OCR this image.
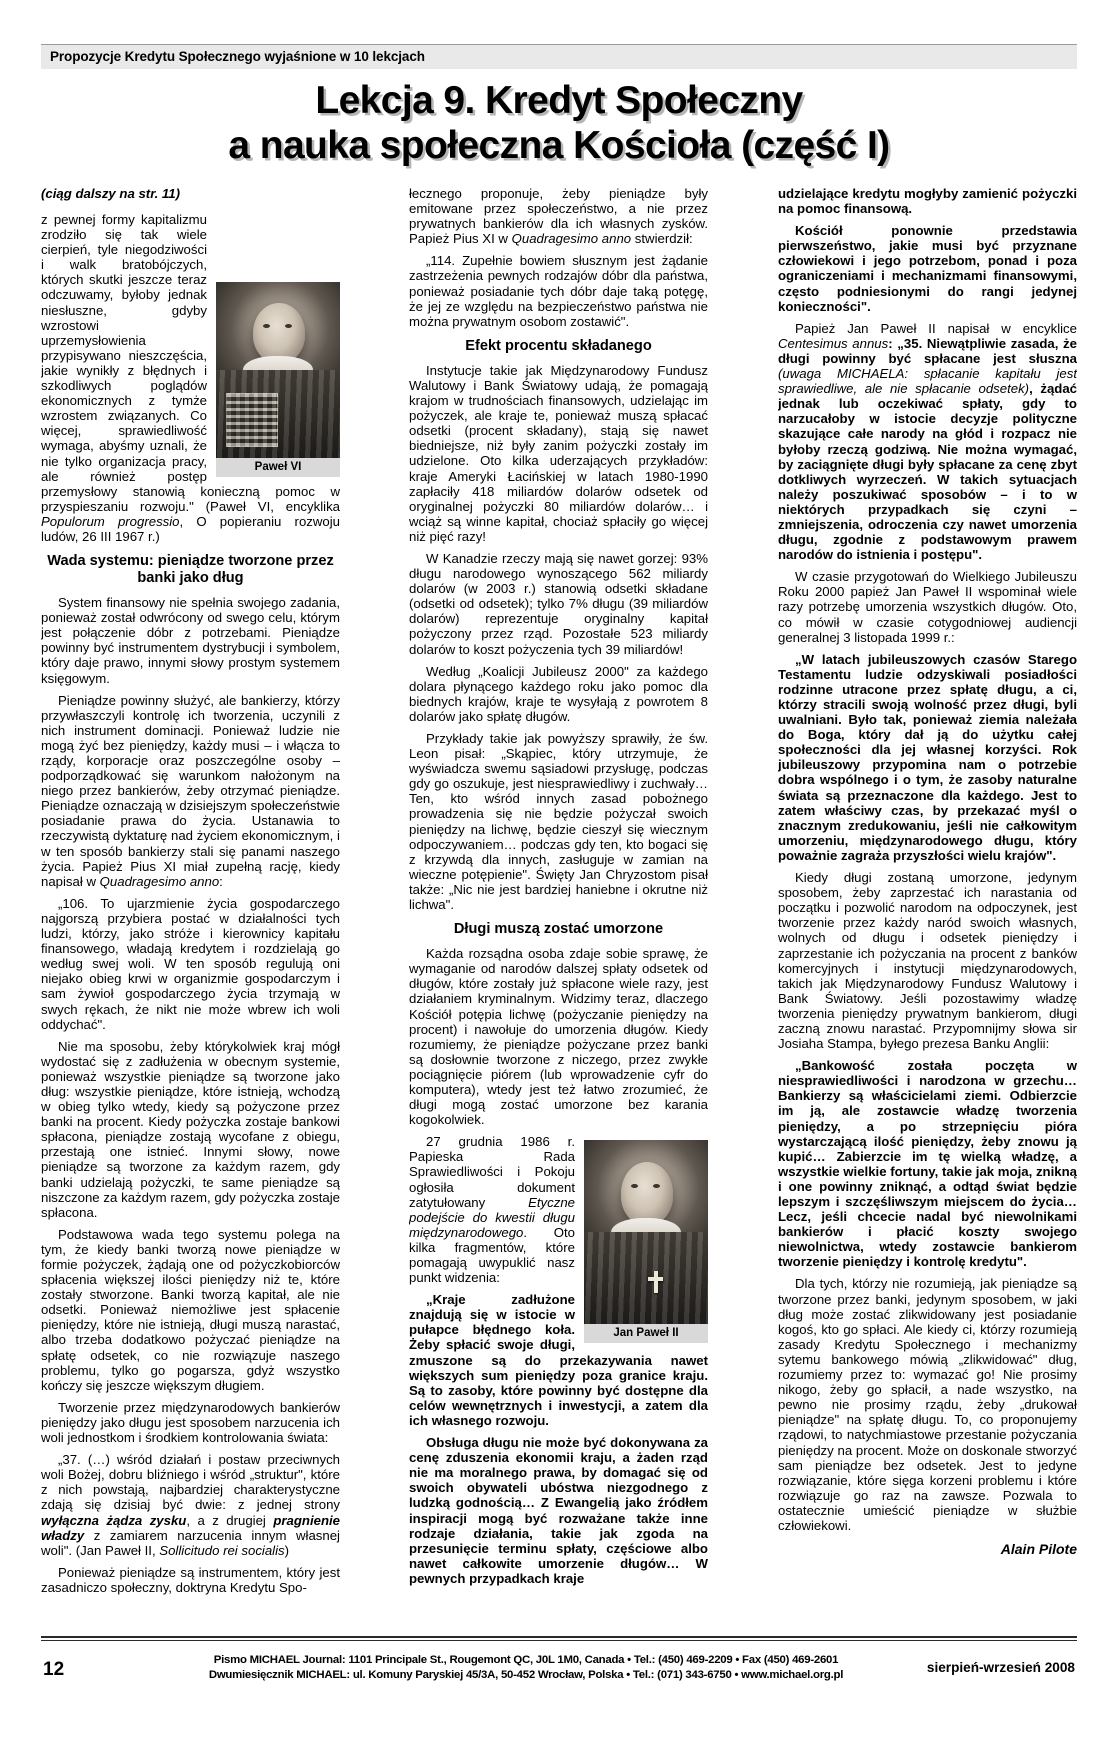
Propozycje Kredytu Społecznego wyjaśnione w 10 lekcjach
Lekcja 9. Kredyt Społeczny
a nauka społeczna Kościoła (część I)
(ciąg dalszy na str. 11)
Paweł VI

z pewnej formy kapitalizmu zrodziło się tak wiele cierpień, tyle niegodziwości i walk bratobójczych, których skutki jeszcze teraz odczuwamy, byłoby jednak niesłuszne, gdyby wzrostowi uprzemysłowienia przypisywano nieszczęścia, jakie wynikły z błędnych i szkodliwych poglądów ekonomicznych z tymże wzrostem związanych. Co więcej, sprawiedliwość wymaga, abyśmy uznali, że nie tylko organizacja pracy, ale również postęp przemysłowy stanowią konieczną pomoc w przyspieszaniu rozwoju." (Paweł VI, encyklika Populorum progressio, O popieraniu rozwoju ludów, 26 III 1967 r.)

Wada systemu: pieniądze tworzone przez banki jako dług

System finansowy nie spełnia swojego zadania, ponieważ został odwrócony od swego celu, którym jest połączenie dóbr z potrzebami. Pieniądze powinny być instrumentem dystrybucji i symbolem, który daje prawo, innymi słowy prostym systemem księgowym.

Pieniądze powinny służyć, ale bankierzy, którzy przywłaszczyli kontrolę ich tworzenia, uczynili z nich instrument dominacji. Ponieważ ludzie nie mogą żyć bez pieniędzy, każdy musi – i włącza to rządy, korporacje oraz poszczególne osoby – podporządkować się warunkom nałożonym na niego przez bankierów, żeby otrzymać pieniądze. Pieniądze oznaczają w dzisiejszym społeczeństwie posiadanie prawa do życia. Ustanawia to rzeczywistą dyktaturę nad życiem ekonomicznym, i w ten sposób bankierzy stali się panami naszego życia. Papież Pius XI miał zupełną rację, kiedy napisał w Quadragesimo anno:

„106. To ujarzmienie życia gospodarczego najgorszą przybiera postać w działalności tych ludzi, którzy, jako stróże i kierownicy kapitału finansowego, władają kredytem i rozdzielają go według swej woli. W ten sposób regulują oni niejako obieg krwi w organizmie gospodarczym i sam żywioł gospodarczego życia trzymają w swych rękach, że nikt nie może wbrew ich woli oddychać".

Nie ma sposobu, żeby którykolwiek kraj mógł wydostać się z zadłużenia w obecnym systemie, ponieważ wszystkie pieniądze są tworzone jako dług: wszystkie pieniądze, które istnieją, wchodzą w obieg tylko wtedy, kiedy są pożyczone przez banki na procent. Kiedy pożyczka zostaje bankowi spłacona, pieniądze zostają wycofane z obiegu, przestają one istnieć. Innymi słowy, nowe pieniądze są tworzone za każdym razem, gdy banki udzielają pożyczki, te same pieniądze są niszczone za każdym razem, gdy pożyczka zostaje spłacona.

Podstawowa wada tego systemu polega na tym, że kiedy banki tworzą nowe pieniądze w formie pożyczek, żądają one od pożyczkobiorców spłacenia większej ilości pieniędzy niż te, które zostały stworzone. Banki tworzą kapitał, ale nie odsetki. Ponieważ niemożliwe jest spłacenie pieniędzy, które nie istnieją, długi muszą narastać, albo trzeba dodatkowo pożyczać pieniądze na spłatę odsetek, co nie rozwiązuje naszego problemu, tylko go pogarsza, gdyż wszystko kończy się jeszcze większym długiem.

Tworzenie przez międzynarodowych bankierów pieniędzy jako długu jest sposobem narzucenia ich woli jednostkom i środkiem kontrolowania świata:

„37. (…) wśród działań i postaw przeciwnych woli Bożej, dobru bliźniego i wśród „struktur", które z nich powstają, najbardziej charakterystyczne zdają się dzisiaj być dwie: z jednej strony wyłączna żądza zysku, a z drugiej pragnienie władzy z zamiarem narzucenia innym własnej woli". (Jan Paweł II, Sollicitudo rei socialis)

Ponieważ pieniądze są instrumentem, który jest zasadniczo społeczny, doktryna Kredytu Spo-

łecznego proponuje, żeby pieniądze były emitowane przez społeczeństwo, a nie przez prywatnych bankierów dla ich własnych zysków. Papież Pius XI w Quadragesimo anno stwierdził:

„114. Zupełnie bowiem słusznym jest żądanie zastrzeżenia pewnych rodzajów dóbr dla państwa, ponieważ posiadanie tych dóbr daje taką potęgę, że jej ze względu na bezpieczeństwo państwa nie można prywatnym osobom zostawić".

Efekt procentu składanego

Instytucje takie jak Międzynarodowy Fundusz Walutowy i Bank Światowy udają, że pomagają krajom w trudnościach finansowych, udzielając im pożyczek, ale kraje te, ponieważ muszą spłacać odsetki (procent składany), stają się nawet biedniejsze, niż były zanim pożyczki zostały im udzielone. Oto kilka uderzających przykładów: kraje Ameryki Łacińskiej w latach 1980-1990 zapłaciły 418 miliardów dolarów odsetek od oryginalnej pożyczki 80 miliardów dolarów… i wciąż są winne kapitał, chociaż spłaciły go więcej niż pięć razy!

W Kanadzie rzeczy mają się nawet gorzej: 93% długu narodowego wynoszącego 562 miliardy dolarów (w 2003 r.) stanowią odsetki składane (odsetki od odsetek); tylko 7% długu (39 miliardów dolarów) reprezentuje oryginalny kapitał pożyczony przez rząd. Pozostałe 523 miliardy dolarów to koszt pożyczenia tych 39 miliardów!

Według „Koalicji Jubileusz 2000" za każdego dolara płynącego każdego roku jako pomoc dla biednych krajów, kraje te wysyłają z powrotem 8 dolarów jako spłatę długów.

Przykłady takie jak powyższy sprawiły, że św. Leon pisał: „Skąpiec, który utrzymuje, że wyświadcza swemu sąsiadowi przysługę, podczas gdy go oszukuje, jest niesprawiedliwy i zuchwały… Ten, kto wśród innych zasad pobożnego prowadzenia się nie będzie pożyczał swoich pieniędzy na lichwę, będzie cieszył się wiecznym odpoczywaniem… podczas gdy ten, kto bogaci się z krzywdą dla innych, zasługuje w zamian na wieczne potępienie". Święty Jan Chryzostom pisał także: „Nic nie jest bardziej haniebne i okrutne niż lichwa".

Długi muszą zostać umorzone

Każda rozsądna osoba zdaje sobie sprawę, że wymaganie od narodów dalszej spłaty odsetek od długów, które zostały już spłacone wiele razy, jest działaniem kryminalnym. Widzimy teraz, dlaczego Kościół potępia lichwę (pożyczanie pieniędzy na procent) i nawołuje do umorzenia długów. Kiedy rozumiemy, że pieniądze pożyczane przez banki są dosłownie tworzone z niczego, przez zwykłe pociągnięcie piórem (lub wprowadzenie cyfr do komputera), wtedy jest też łatwo zrozumieć, że długi mogą zostać umorzone bez karania kogokolwiek.

Jan Paweł II

27 grudnia 1986 r. Papieska Rada Sprawiedliwości i Pokoju ogłosiła dokument zatytułowany Etyczne podejście do kwestii długu międzynarodowego. Oto kilka fragmentów, które pomagają uwypuklić nasz punkt widzenia:

„Kraje zadłużone znajdują się w istocie w pułapce błędnego koła. Żeby spłacić swoje długi, zmuszone są do przekazywania nawet większych sum pieniędzy poza granice kraju. Są to zasoby, które powinny być dostępne dla celów wewnętrznych i inwestycji, a zatem dla ich własnego rozwoju.

Obsługa długu nie może być dokonywana za cenę zduszenia ekonomii kraju, a żaden rząd nie ma moralnego prawa, by domagać się od swoich obywateli ubóstwa niezgodnego z ludzką godnością… Z Ewangelią jako źródłem inspiracji mogą być rozważane także inne rodzaje działania, takie jak zgoda na przesunięcie terminu spłaty, częściowe albo nawet całkowite umorzenie długów… W pewnych przypadkach kraje

udzielające kredytu mogłyby zamienić pożyczki na pomoc finansową.

Kościół ponownie przedstawia pierwszeństwo, jakie musi być przyznane człowiekowi i jego potrzebom, ponad i poza ograniczeniami i mechanizmami finansowymi, często podniesionymi do rangi jedynej konieczności".

Papież Jan Paweł II napisał w encyklice Centesimus annus: „35. Niewątpliwie zasada, że długi powinny być spłacane jest słuszna (uwaga MICHAELA: spłacanie kapitału jest sprawiedliwe, ale nie spłacanie odsetek), żądać jednak lub oczekiwać spłaty, gdy to narzucałoby w istocie decyzje polityczne skazujące całe narody na głód i rozpacz nie byłoby rzeczą godziwą. Nie można wymagać, by zaciągnięte długi były spłacane za cenę zbyt dotkliwych wyrzeczeń. W takich sytuacjach należy poszukiwać sposobów – i to w niektórych przypadkach się czyni – zmniejszenia, odroczenia czy nawet umorzenia długu, zgodnie z podstawowym prawem narodów do istnienia i postępu".

W czasie przygotowań do Wielkiego Jubileuszu Roku 2000 papież Jan Paweł II wspominał wiele razy potrzebę umorzenia wszystkich długów. Oto, co mówił w czasie cotygodniowej audiencji generalnej 3 listopada 1999 r.:

„W latach jubileuszowych czasów Starego Testamentu ludzie odzyskiwali posiadłości rodzinne utracone przez spłatę długu, a ci, którzy stracili swoją wolność przez długi, byli uwalniani. Było tak, ponieważ ziemia należała do Boga, który dał ją do użytku całej społeczności dla jej własnej korzyści. Rok jubileuszowy przypomina nam o potrzebie dobra wspólnego i o tym, że zasoby naturalne świata są przeznaczone dla każdego. Jest to zatem właściwy czas, by przekazać myśl o znacznym zredukowaniu, jeśli nie całkowitym umorzeniu, międzynarodowego długu, który poważnie zagraża przyszłości wielu krajów".

Kiedy długi zostaną umorzone, jedynym sposobem, żeby zaprzestać ich narastania od początku i pozwolić narodom na odpoczynek, jest tworzenie przez każdy naród swoich własnych, wolnych od długu i odsetek pieniędzy i zaprzestanie ich pożyczania na procent z banków komercyjnych i instytucji międzynarodowych, takich jak Międzynarodowy Fundusz Walutowy i Bank Światowy. Jeśli pozostawimy władzę tworzenia pieniędzy prywatnym bankierom, długi zaczną znowu narastać. Przypomnijmy słowa sir Josiaha Stampa, byłego prezesa Banku Anglii:

„Bankowość została poczęta w niesprawiedliwości i narodzona w grzechu… Bankierzy są właścicielami ziemi. Odbierzcie im ją, ale zostawcie władzę tworzenia pieniędzy, a po strzepnięciu pióra wystarczającą ilość pieniędzy, żeby znowu ją kupić… Zabierzcie im tę wielką władzę, a wszystkie wielkie fortuny, takie jak moja, znikną i one powinny zniknąć, a odtąd świat będzie lepszym i szczęśliwszym miejscem do życia… Lecz, jeśli chcecie nadal być niewolnikami bankierów i płacić koszty swojego niewolnictwa, wtedy zostawcie bankierom tworzenie pieniędzy i kontrolę kredytu".

Dla tych, którzy nie rozumieją, jak pieniądze są tworzone przez banki, jedynym sposobem, w jaki dług może zostać zlikwidowany jest posiadanie kogoś, kto go spłaci. Ale kiedy ci, którzy rozumieją zasady Kredytu Społecznego i mechanizmy sytemu bankowego mówią „zlikwidować" dług, rozumiemy przez to: wymazać go! Nie prosimy nikogo, żeby go spłacił, a nade wszystko, na pewno nie prosimy rządu, żeby „drukował pieniądze" na spłatę długu. To, co proponujemy rządowi, to natychmiastowe przestanie pożyczania pieniędzy na procent. Może on doskonale stworzyć sam pieniądze bez odsetek. Jest to jedyne rozwiązanie, które sięga korzeni problemu i które rozwiązuje go raz na zawsze. Pozwala to ostatecznie umieścić pieniądze w służbie człowiekowi.

Alain Pilote
12	Pismo MICHAEL Journal: 1101 Principale St., Rougemont QC, J0L 1M0, Canada • Tel.: (450) 469-2209 • Fax (450) 469-2601
Dwumiesięcznik MICHAEL: ul. Komuny Paryskiej 45/3A, 50-452 Wrocław, Polska • Tel.: (071) 343-6750 • www.michael.org.pl	sierpień-wrzesień 2008
